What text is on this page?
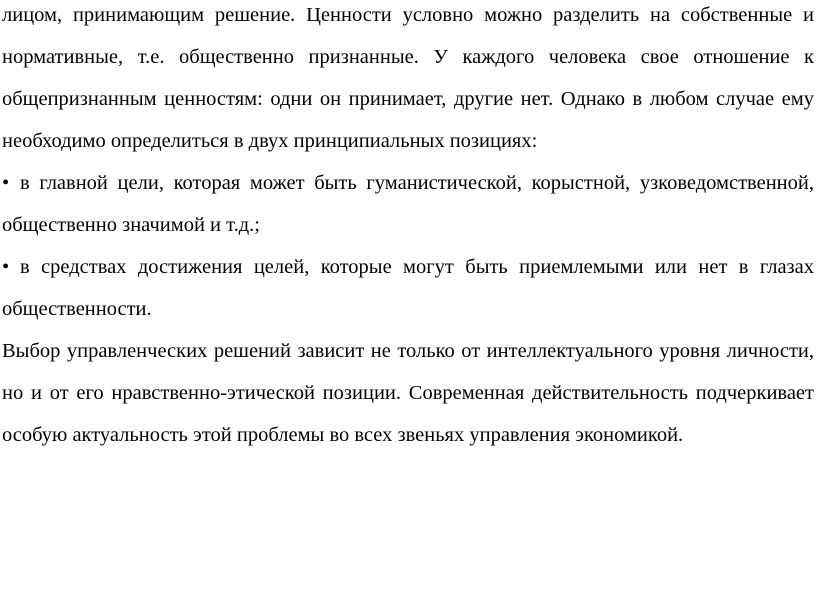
лицом, принимающим решение. Ценности условно можно разделить на собственные и нормативные, т.е. общественно признанные. У каждого человека свое отношение к общепризнанным ценностям: одни он принимает, другие нет. Однако в любом случае ему необходимо определиться в двух принципиальных позициях:

• в главной цели, которая может быть гуманистической, корыстной, узковедомственной, общественно значимой и т.д.;

• в средствах достижения целей, которые могут быть приемлемыми или нет в глазах общественности.

Выбор управленческих решений зависит не только от интеллектуального уровня личности, но и от его нравственно-этической позиции. Современная действительность подчеркивает особую актуальность этой проблемы во всех звеньях управления экономикой.
